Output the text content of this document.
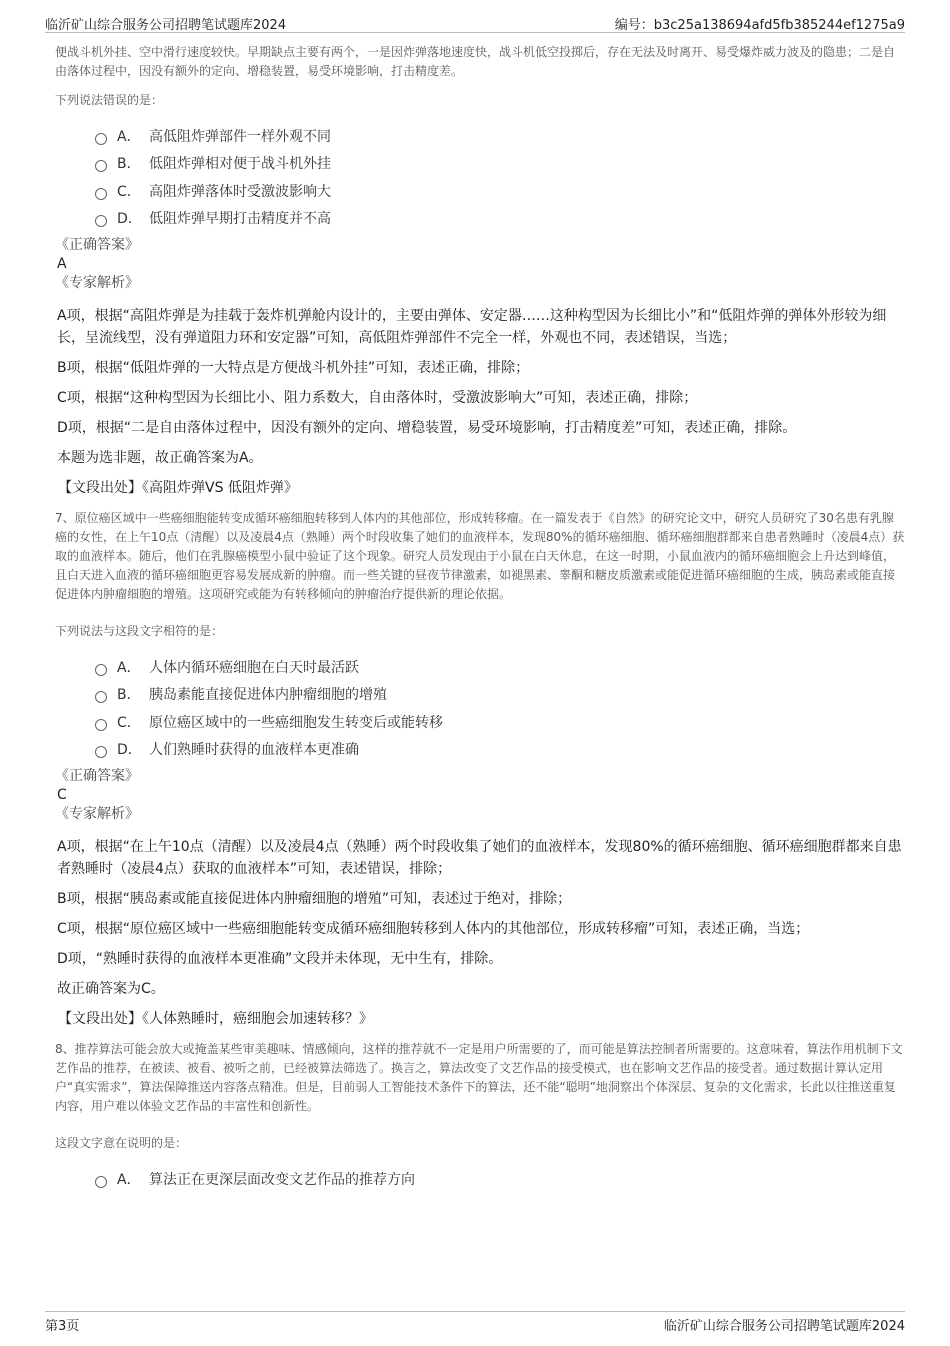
临沂矿山综合服务公司招聘笔试题库2024	编号：b3c25a138694afd5fb385244ef1275a9

便战斗机外挂、空中滑行速度较快。早期缺点主要有两个，一是因炸弹落地速度快，战斗机低空投掷后，存在无法及时离开、易受爆炸威力波及的隐患；二是自由落体过程中，因没有额外的定向、增稳装置，易受环境影响，打击精度差。

下列说法错误的是：

A． 高低阻炸弹部件一样外观不同
B． 低阻炸弹相对便于战斗机外挂
C． 高阻炸弹落体时受激波影响大
D． 低阻炸弹早期打击精度并不高

《正确答案》

A

《专家解析》

A项，根据“高阻炸弹是为挂载于轰炸机弹舱内设计的，主要由弹体、安定器……这种构型因为长细比小”和“低阻炸弹的弹体外形较为细长，呈流线型，没有弹道阻力环和安定器”可知，高低阻炸弹部件不完全一样，外观也不同，表述错误，当选；

B项，根据“低阻炸弹的一大特点是方便战斗机外挂”可知，表述正确，排除；

C项，根据“这种构型因为长细比小、阻力系数大，自由落体时，受激波影响大”可知，表述正确，排除；

D项，根据“二是自由落体过程中，因没有额外的定向、增稳装置，易受环境影响，打击精度差”可知，表述正确，排除。

本题为选非题，故正确答案为A。

【文段出处】《高阻炸弹VS 低阻炸弹》

7、原位癌区域中一些癌细胞能转变成循环癌细胞转移到人体内的其他部位，形成转移瘤。在一篇发表于《自然》的研究论文中，研究人员研究了30名患有乳腺癌的女性，在上午10点（清醒）以及凌晨4点（熟睡）两个时段收集了她们的血液样本，发现80%的循环癌细胞、循环癌细胞群都来自患者熟睡时（凌晨4点）获取的血液样本。随后，他们在乳腺癌模型小鼠中验证了这个现象。研究人员发现由于小鼠在白天休息，在这一时期，小鼠血液内的循环癌细胞会上升达到峰值，且白天进入血液的循环癌细胞更容易发展成新的肿瘤。而一些关键的昼夜节律激素，如褪黑素、睾酮和糖皮质激素或能促进循环癌细胞的生成，胰岛素或能直接促进体内肿瘤细胞的增殖。这项研究或能为有转移倾向的肿瘤治疗提供新的理论依据。

下列说法与这段文字相符的是：

A． 人体内循环癌细胞在白天时最活跃
B． 胰岛素能直接促进体内肿瘤细胞的增殖
C． 原位癌区域中的一些癌细胞发生转变后或能转移
D． 人们熟睡时获得的血液样本更准确

《正确答案》

C

《专家解析》

A项，根据“在上午10点（清醒）以及凌晨4点（熟睡）两个时段收集了她们的血液样本，发现80%的循环癌细胞、循环癌细胞群都来自患者熟睡时（凌晨4点）获取的血液样本”可知，表述错误，排除；

B项，根据“胰岛素或能直接促进体内肿瘤细胞的增殖”可知，表述过于绝对，排除；

C项，根据“原位癌区域中一些癌细胞能转变成循环癌细胞转移到人体内的其他部位，形成转移瘤”可知，表述正确，当选；

D项，“熟睡时获得的血液样本更准确”文段并未体现，无中生有，排除。

故正确答案为C。

【文段出处】《人体熟睡时，癌细胞会加速转移？》

8、推荐算法可能会放大或掩盖某些审美趣味、情感倾向，这样的推荐就不一定是用户所需要的了，而可能是算法控制者所需要的。这意味着，算法作用机制下文艺作品的推荐，在被读、被看、被听之前，已经被算法筛选了。换言之，算法改变了文艺作品的接受模式，也在影响文艺作品的接受者。通过数据计算认定用户“真实需求”，算法保障推送内容落点精准。但是，目前弱人工智能技术条件下的算法，还不能“聪明”地洞察出个体深层、复杂的文化需求，长此以往推送重复内容，用户难以体验文艺作品的丰富性和创新性。

这段文字意在说明的是：

A． 算法正在更深层面改变文艺作品的推荐方向
第3页	临沂矿山综合服务公司招聘笔试题库2024
